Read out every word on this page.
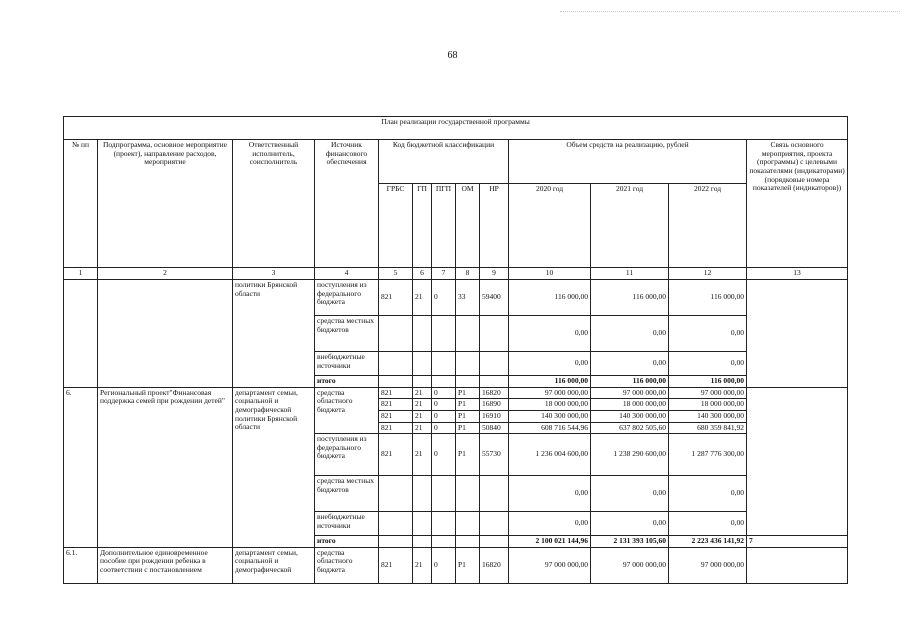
68
План реализации государственной программы												
№ пп	Подпрограмма, основное мероприятие (проект), направление расходов, мероприятие	Ответственный исполнитель, соисполнитель	Источник финансового обеспечения	Код бюджетной классификации					Объем средств на реализацию, рублей			Связь основного мероприятия, проекта (программы) с целевыми показателями (индикаторами) (порядковые номера показателей (индикаторов))
				ГРБС	ГП	ПГП	ОМ	НР	2020 год	2021 год	2022 год	
1	2	3	4	5	6	7	8	9	10	11	12	13
		политики Брянской области	поступления из федерального бюджета	821	21	0	33	59400	116 000,00	116 000,00	116 000,00	
			средства местных бюджетов						0,00	0,00	0,00	
			внебюджетные источники						0,00	0,00	0,00	
			итого						116 000,00	116 000,00	116 000,00	
6.	Региональный проект"Финансовая поддержка семей при рождении детей"	департамент семьи, социальной и демографической политики Брянской области	средства областного бюджета	821	21	0	P1	16820	97 000 000,00	97 000 000,00	97 000 000,00	
				821	21	0	P1	16890	18 000 000,00	18 000 000,00	18 000 000,00	
				821	21	0	P1	16910	140 300 000,00	140 300 000,00	140 300 000,00	
				821	21	0	P1	50840	608 716 544,96	637 802 505,60	680 359 841,92	
			поступления из федерального бюджета	821	21	0	P1	55730	1 236 004 600,00	1 238 290 600,00	1 287 776 300,00	
			средства местных бюджетов						0,00	0,00	0,00	
			внебюджетные источники						0,00	0,00	0,00	
			итого						2 100 021 144,96	2 131 393 105,60	2 223 436 141,92	7
6.1.	Дополнительное единовременное пособие при рождении ребенка в соответствии с постановлением	департамент семьи, социальной и демографической	средства областного бюджета	821	21	0	P1	16820	97 000 000,00	97 000 000,00	97 000 000,00	
